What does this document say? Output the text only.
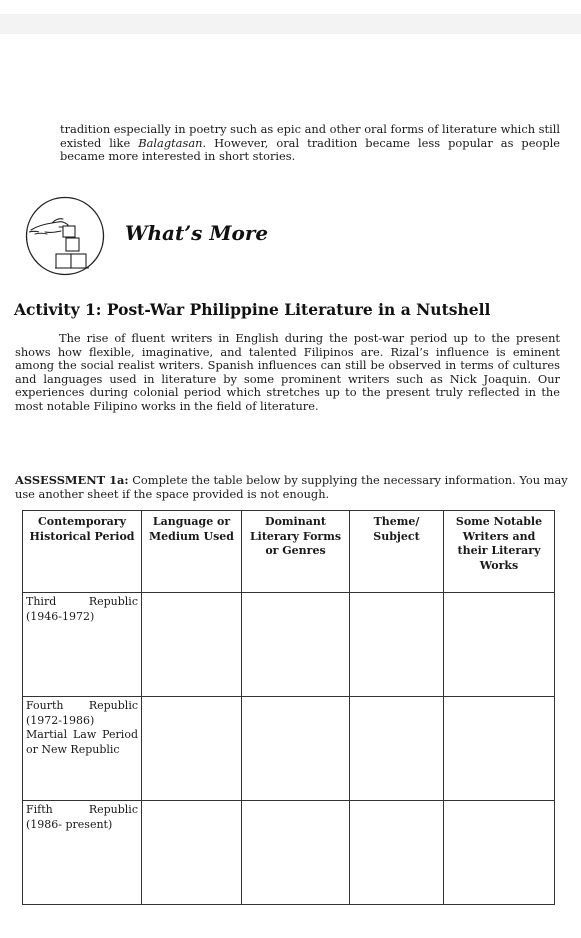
tradition especially in poetry such as epic and other oral forms of literature which still existed like Balagtasan. However, oral tradition became less popular as people became more interested in short stories.
What’s More
Activity 1: Post-War Philippine Literature in a Nutshell
The rise of fluent writers in English during the post-war period up to the present shows how flexible, imaginative, and talented Filipinos are. Rizal’s influence is eminent among the social realist writers. Spanish influences can still be observed in terms of cultures and languages used in literature by some prominent writers such as Nick Joaquin. Our experiences during colonial period which stretches up to the present truly reflected in the most notable Filipino works in the field of literature.
ASSESSMENT 1a: Complete the table below by supplying the necessary information. You may use another sheet if the space provided is not enough.
Contemporary Historical Period	Language or Medium Used	Dominant Literary Forms or Genres	Theme/ Subject	Some Notable Writers and their Literary Works
Third Republic (1946-1972)				
Fourth Republic (1972-1986) Martial Law Period or New Republic				
Fifth Republic (1986- present)				
